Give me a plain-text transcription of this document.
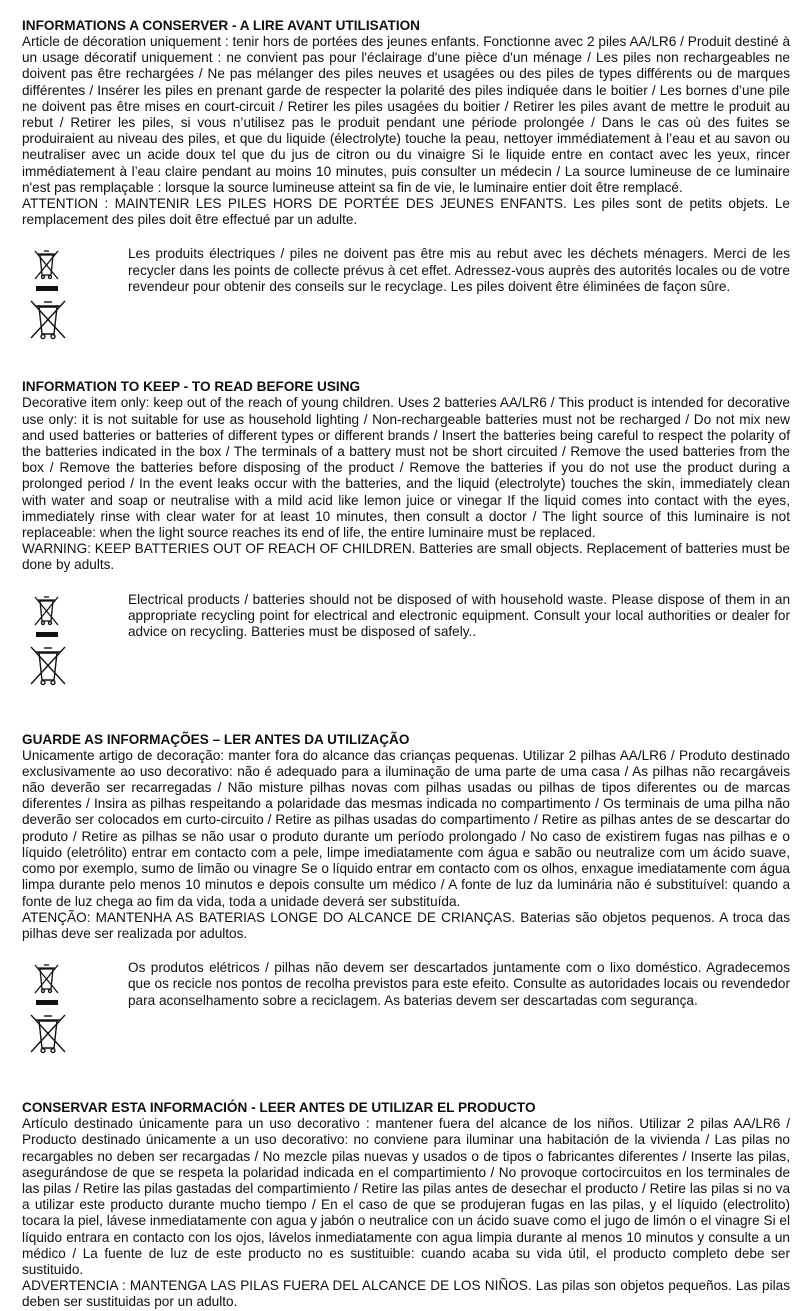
INFORMATIONS A CONSERVER - A LIRE AVANT UTILISATION

Article de décoration uniquement : tenir hors de portées des jeunes enfants. Fonctionne avec 2 piles AA/LR6 / Produit destiné à un usage décoratif uniquement : ne convient pas pour l'éclairage d'une pièce d'un ménage / Les piles non rechargeables ne doivent pas être rechargées / Ne pas mélanger des piles neuves et usagées ou des piles de types différents ou de marques différentes / Insérer les piles en prenant garde de respecter la polarité des piles indiquée dans le boitier / Les bornes d’une pile ne doivent pas être mises en court-circuit / Retirer les piles usagées du boitier / Retirer les piles avant de mettre le produit au rebut / Retirer les piles, si vous n’utilisez pas le produit pendant une période prolongée / Dans le cas où des fuites se produiraient au niveau des piles, et que du liquide (électrolyte) touche la peau, nettoyer immédiatement à l’eau et au savon ou neutraliser avec un acide doux tel que du jus de citron ou du vinaigre Si le liquide entre en contact avec les yeux, rincer immédiatement à l’eau claire pendant au moins 10 minutes, puis consulter un médecin / La source lumineuse de ce luminaire n'est pas remplaçable : lorsque la source lumineuse atteint sa fin de vie, le luminaire entier doit être remplacé.

ATTENTION : MAINTENIR LES PILES HORS DE PORTÉE DES JEUNES ENFANTS. Les piles sont de petits objets. Le remplacement des piles doit être effectué par un adulte.

Les produits électriques / piles ne doivent pas être mis au rebut avec les déchets ménagers. Merci de les recycler dans les points de collecte prévus à cet effet. Adressez-vous auprès des autorités locales ou de votre revendeur pour obtenir des conseils sur le recyclage. Les piles doivent être éliminées de façon sûre.

INFORMATION TO KEEP - TO READ BEFORE USING

Decorative item only: keep out of the reach of young children. Uses 2 batteries AA/LR6 / This product is intended for decorative use only: it is not suitable for use as household lighting / Non-rechargeable batteries must not be recharged / Do not mix new and used batteries or batteries of different types or different brands / Insert the batteries being careful to respect the polarity of the batteries indicated in the box / The terminals of a battery must not be short circuited / Remove the used batteries from the box / Remove the batteries before disposing of the product / Remove the batteries if you do not use the product during a prolonged period / In the event leaks occur with the batteries, and the liquid (electrolyte) touches the skin, immediately clean with water and soap or neutralise with a mild acid like lemon juice or vinegar If the liquid comes into contact with the eyes, immediately rinse with clear water for at least 10 minutes, then consult a doctor / The light source of this luminaire is not replaceable: when the light source reaches its end of life, the entire luminaire must be replaced.

WARNING: KEEP BATTERIES OUT OF REACH OF CHILDREN. Batteries are small objects. Replacement of batteries must be done by adults.

Electrical products / batteries should not be disposed of with household waste. Please dispose of them in an appropriate recycling point for electrical and electronic equipment. Consult your local authorities or dealer for advice on recycling. Batteries must be disposed of safely..

GUARDE AS INFORMAÇÕES – LER ANTES DA UTILIZAÇÃO

Unicamente artigo de decoração: manter fora do alcance das crianças pequenas. Utilizar 2 pilhas AA/LR6 / Produto destinado exclusivamente ao uso decorativo: não é adequado para a iluminação de uma parte de uma casa / As pilhas não recargáveis não deverão ser recarregadas / Não misture pilhas novas com pilhas usadas ou pilhas de tipos diferentes ou de marcas diferentes / Insira as pilhas respeitando a polaridade das mesmas indicada no compartimento / Os terminais de uma pilha não deverão ser colocados em curto-circuito / Retire as pilhas usadas do compartimento / Retire as pilhas antes de se descartar do produto / Retire as pilhas se não usar o produto durante um período prolongado / No caso de existirem fugas nas pilhas e o líquido (eletrólito) entrar em contacto com a pele, limpe imediatamente com água e sabão ou neutralize com um ácido suave, como por exemplo, sumo de limão ou vinagre Se o líquido entrar em contacto com os olhos, enxague imediatamente com água limpa durante pelo menos 10 minutos e depois consulte um médico / A fonte de luz da luminária não é substituível: quando a fonte de luz chega ao fim da vida, toda a unidade deverá ser substituída.

ATENÇÃO: MANTENHA AS BATERIAS LONGE DO ALCANCE DE CRIANÇAS. Baterias são objetos pequenos. A troca das pilhas deve ser realizada por adultos.

Os produtos elétricos / pilhas não devem ser descartados juntamente com o lixo doméstico. Agradecemos que os recicle nos pontos de recolha previstos para este efeito. Consulte as autoridades locais ou revendedor para aconselhamento sobre a reciclagem. As baterias devem ser descartadas com segurança.

CONSERVAR ESTA INFORMACIÓN - LEER ANTES DE UTILIZAR EL PRODUCTO

Artículo destinado únicamente para un uso decorativo : mantener fuera del alcance de los niños. Utilizar 2 pilas AA/LR6 / Producto destinado únicamente a un uso decorativo: no conviene para iluminar una habitación de la vivienda / Las pilas no recargables no deben ser recargadas / No mezcle pilas nuevas y usados o de tipos o fabricantes diferentes / Inserte las pilas, asegurándose de que se respeta la polaridad indicada en el compartimiento / No provoque cortocircuitos en los terminales de las pilas / Retire las pilas gastadas del compartimiento / Retire las pilas antes de desechar el producto / Retire las pilas si no va a utilizar este producto durante mucho tiempo / En el caso de que se produjeran fugas en las pilas, y el líquido (electrolito) tocara la piel, lávese inmediatamente con agua y jabón o neutralice con un ácido suave como el jugo de limón o el vinagre Si el líquido entrara en contacto con los ojos, lávelos inmediatamente con agua limpia durante al menos 10 minutos y consulte a un médico / La fuente de luz de este producto no es sustituible: cuando acaba su vida útil, el producto completo debe ser sustituido.

ADVERTENCIA : MANTENGA LAS PILAS FUERA DEL ALCANCE DE LOS NIÑOS. Las pilas son objetos pequeños. Las pilas deben ser sustituidas por un adulto.
